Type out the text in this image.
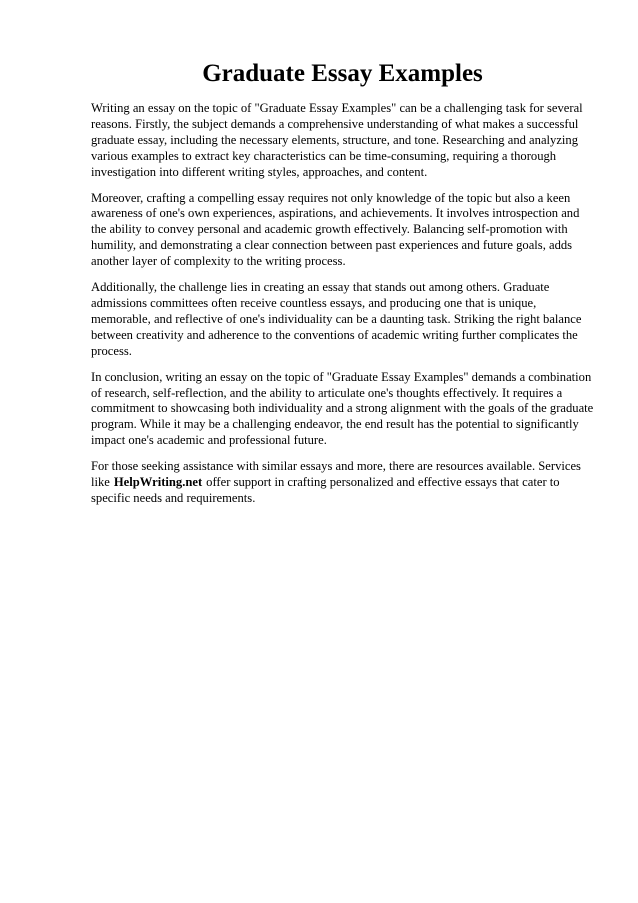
Graduate Essay Examples

Writing an essay on the topic of "Graduate Essay Examples" can be a challenging task for several reasons. Firstly, the subject demands a comprehensive understanding of what makes a successful graduate essay, including the necessary elements, structure, and tone. Researching and analyzing various examples to extract key characteristics can be time-consuming, requiring a thorough investigation into different writing styles, approaches, and content.

Moreover, crafting a compelling essay requires not only knowledge of the topic but also a keen awareness of one's own experiences, aspirations, and achievements. It involves introspection and the ability to convey personal and academic growth effectively. Balancing self-promotion with humility, and demonstrating a clear connection between past experiences and future goals, adds another layer of complexity to the writing process.

Additionally, the challenge lies in creating an essay that stands out among others. Graduate admissions committees often receive countless essays, and producing one that is unique, memorable, and reflective of one's individuality can be a daunting task. Striking the right balance between creativity and adherence to the conventions of academic writing further complicates the process.

In conclusion, writing an essay on the topic of "Graduate Essay Examples" demands a combination of research, self-reflection, and the ability to articulate one's thoughts effectively. It requires a commitment to showcasing both individuality and a strong alignment with the goals of the graduate program. While it may be a challenging endeavor, the end result has the potential to significantly impact one's academic and professional future.

For those seeking assistance with similar essays and more, there are resources available. Services like HelpWriting.net offer support in crafting personalized and effective essays that cater to specific needs and requirements.
